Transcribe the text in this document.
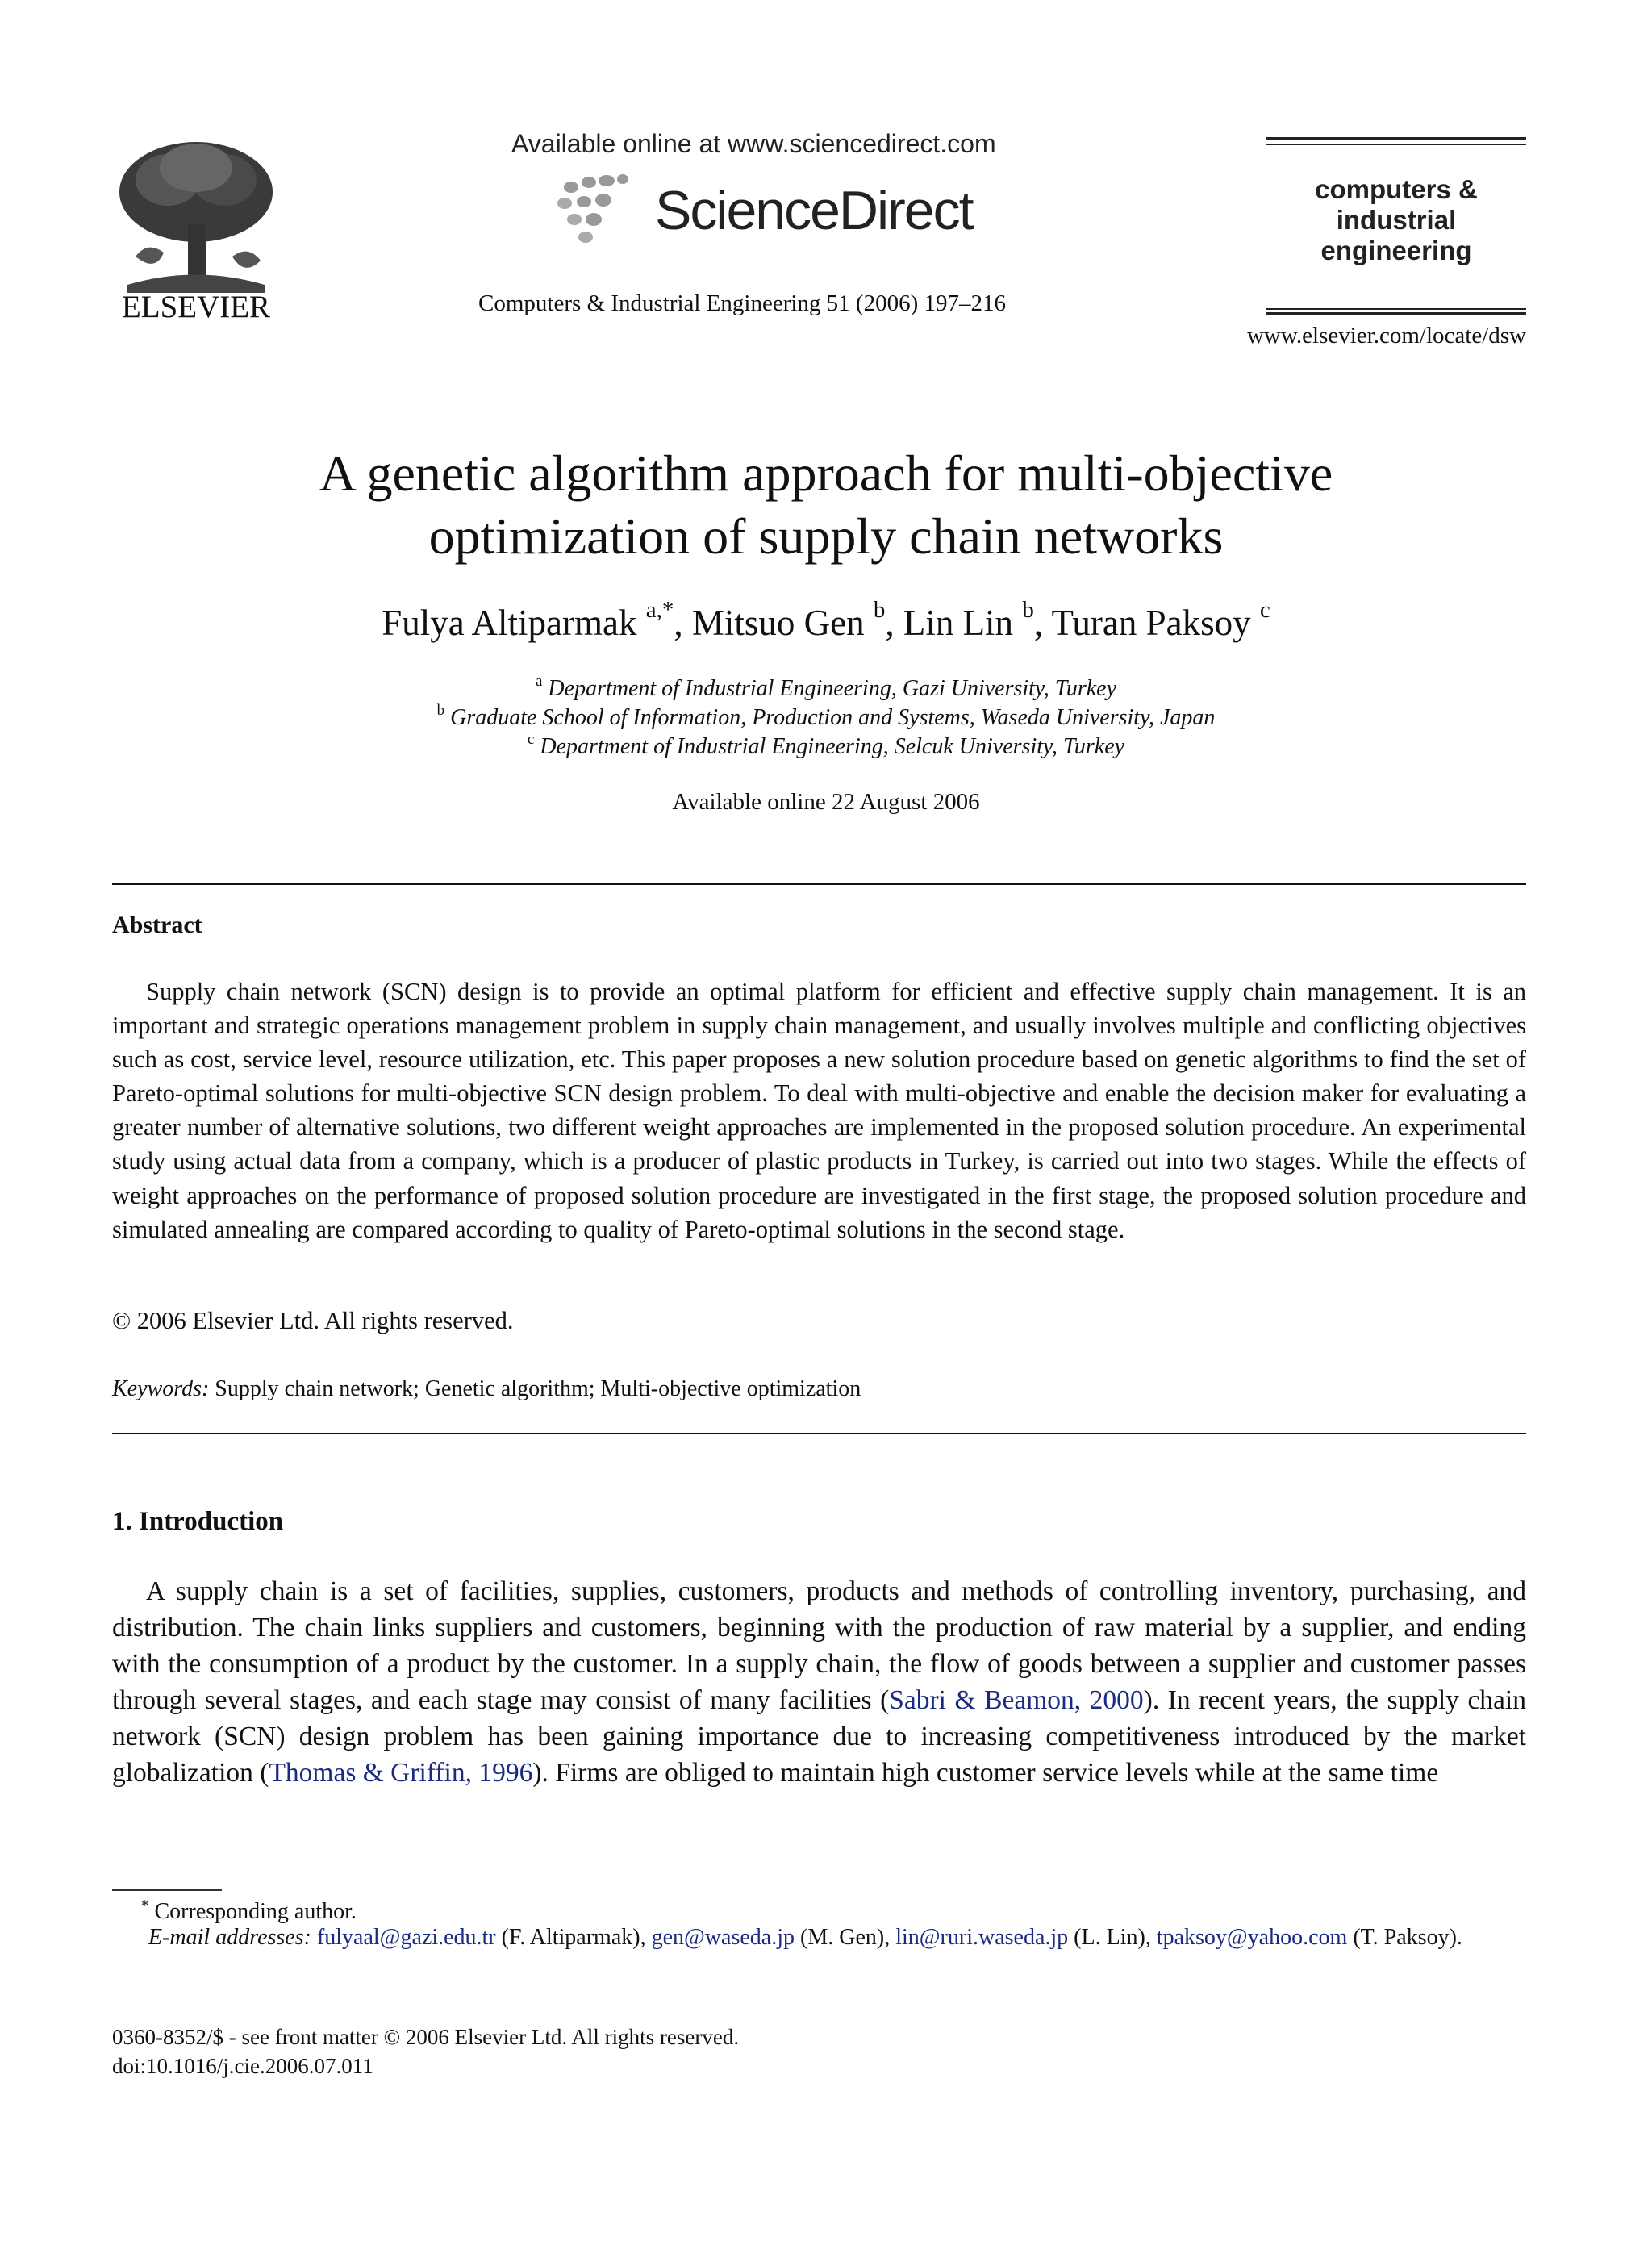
ELSEVIER
Available online at www.sciencedirect.com
ScienceDirect
Computers & Industrial Engineering 51 (2006) 197–216
computers &
industrial
engineering
www.elsevier.com/locate/dsw
A genetic algorithm approach for multi-objective
optimization of supply chain networks
Fulya Altiparmak $^{a,*}$, Mitsuo Gen $^b$, Lin Lin $^b$, Turan Paksoy $^c$
$^a$ Department of Industrial Engineering, Gazi University, Turkey
$^b$ Graduate School of Information, Production and Systems, Waseda University, Japan
$^c$ Department of Industrial Engineering, Selcuk University, Turkey
Available online 22 August 2006
Abstract
Supply chain network (SCN) design is to provide an optimal platform for efficient and effective supply chain management. It is an important and strategic operations management problem in supply chain management, and usually involves multiple and conflicting objectives such as cost, service level, resource utilization, etc. This paper proposes a new solution procedure based on genetic algorithms to find the set of Pareto-optimal solutions for multi-objective SCN design problem. To deal with multi-objective and enable the decision maker for evaluating a greater number of alternative solutions, two different weight approaches are implemented in the proposed solution procedure. An experimental study using actual data from a company, which is a producer of plastic products in Turkey, is carried out into two stages. While the effects of weight approaches on the performance of proposed solution procedure are investigated in the first stage, the proposed solution procedure and simulated annealing are compared according to quality of Pareto-optimal solutions in the second stage.
© 2006 Elsevier Ltd. All rights reserved.
Keywords: Supply chain network; Genetic algorithm; Multi-objective optimization
1. Introduction
A supply chain is a set of facilities, supplies, customers, products and methods of controlling inventory, purchasing, and distribution. The chain links suppliers and customers, beginning with the production of raw material by a supplier, and ending with the consumption of a product by the customer. In a supply chain, the flow of goods between a supplier and customer passes through several stages, and each stage may consist of many facilities (Sabri & Beamon, 2000). In recent years, the supply chain network (SCN) design problem has been gaining importance due to increasing competitiveness introduced by the market globalization (Thomas & Griffin, 1996). Firms are obliged to maintain high customer service levels while at the same time
* Corresponding author.
E-mail addresses: fulyaal@gazi.edu.tr (F. Altiparmak), gen@waseda.jp (M. Gen), lin@ruri.waseda.jp (L. Lin), tpaksoy@yahoo.com (T. Paksoy).
0360-8352/$ - see front matter © 2006 Elsevier Ltd. All rights reserved.
doi:10.1016/j.cie.2006.07.011
